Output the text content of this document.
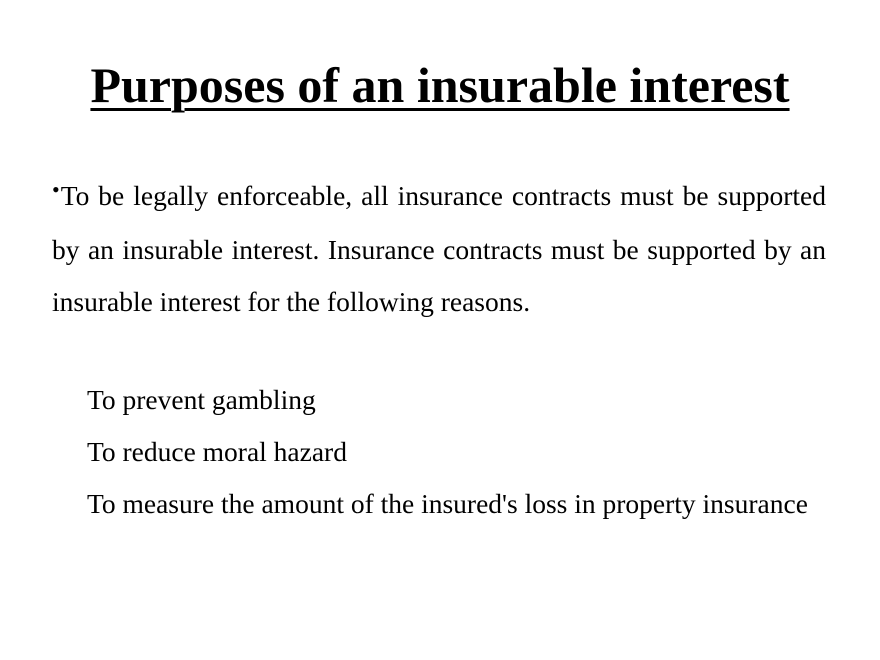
Purposes of an insurable interest
•To be legally enforceable, all insurance contracts must be supported by an insurable interest. Insurance contracts must be supported by an insurable interest for the following reasons.
To prevent gambling
To reduce moral hazard
To measure the amount of the insured's loss in property insurance
